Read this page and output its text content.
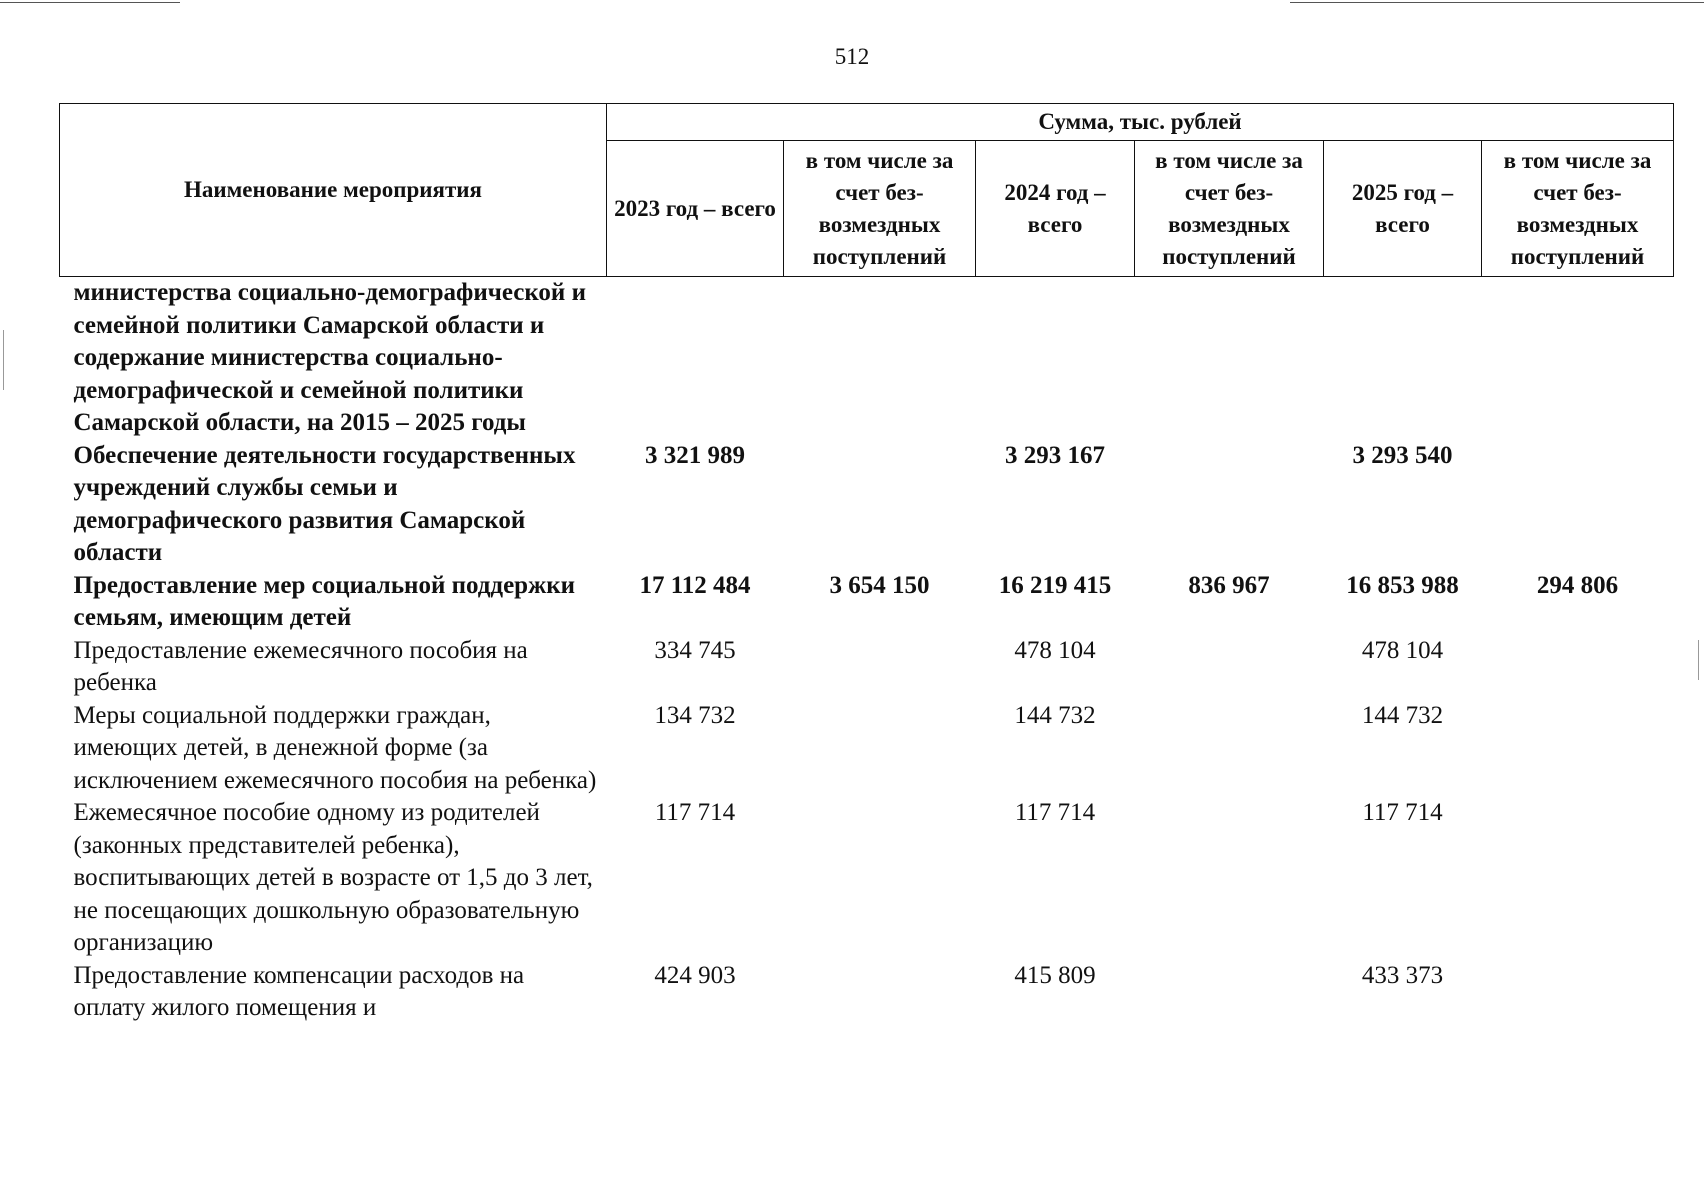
512
Наименование мероприятия	Сумма, тыс. рублей					
	2023 год – всего	в том числе за счет без-возмездных поступлений	2024 год – всего	в том числе за счет без-возмездных поступлений	2025 год – всего	в том числе за счет без-возмездных поступлений
министерства социально-демографической и семейной политики Самарской области и содержание министерства социально-демографической и семейной политики Самарской области, на 2015 – 2025 годы						
Обеспечение деятельности государственных учреждений службы семьи и демографического развития Самарской области	3 321 989		3 293 167		3 293 540	
Предоставление мер социальной поддержки семьям, имеющим детей	17 112 484	3 654 150	16 219 415	836 967	16 853 988	294 806
Предоставление ежемесячного пособия на ребенка	334 745		478 104		478 104	
Меры социальной поддержки граждан, имеющих детей, в денежной форме (за исключением ежемесячного пособия на ребенка)	134 732		144 732		144 732	
Ежемесячное пособие одному из родителей (законных представителей ребенка), воспитывающих детей в возрасте от 1,5 до 3 лет, не посещающих дошкольную образовательную организацию	117 714		117 714		117 714	
Предоставление компенсации расходов на оплату жилого помещения и	424 903		415 809		433 373	
